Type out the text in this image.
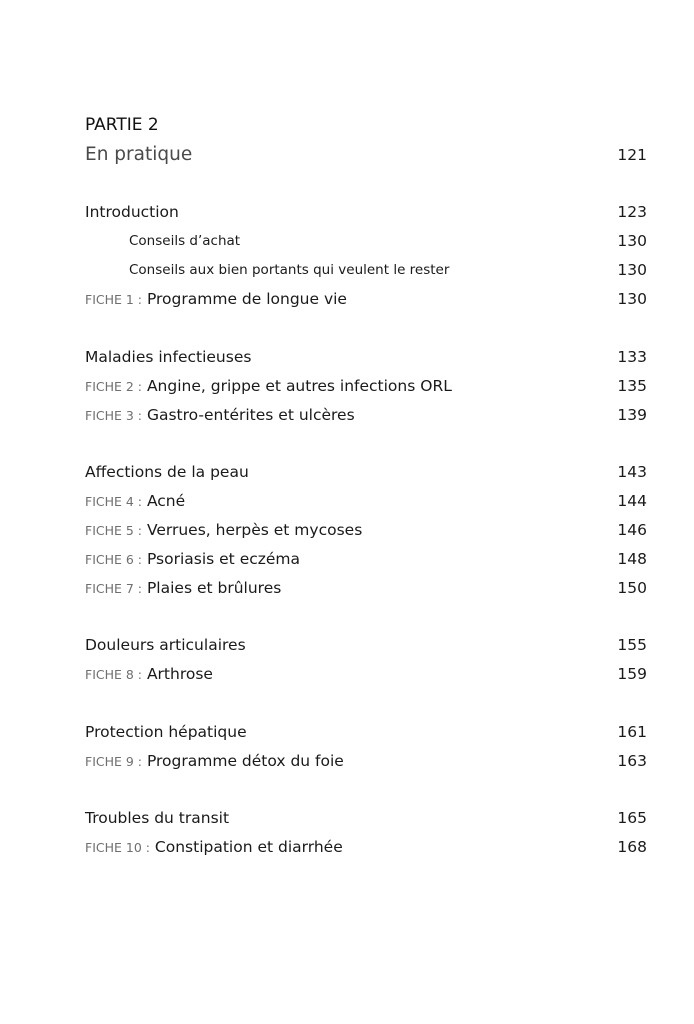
PARTIE 2
En pratique	121
Introduction	123
Conseils d’achat	130
Conseils aux bien portants qui veulent le rester	130
FICHE 1 : Programme de longue vie	130
Maladies infectieuses	133
FICHE 2 : Angine, grippe et autres infections ORL	135
FICHE 3 : Gastro-entérites et ulcères	139
Affections de la peau	143
FICHE 4 : Acné	144
FICHE 5 : Verrues, herpès et mycoses	146
FICHE 6 : Psoriasis et eczéma	148
FICHE 7 : Plaies et brûlures	150
Douleurs articulaires	155
FICHE 8 : Arthrose	159
Protection hépatique	161
FICHE 9 : Programme détox du foie	163
Troubles du transit	165
FICHE 10 : Constipation et diarrhée	168
